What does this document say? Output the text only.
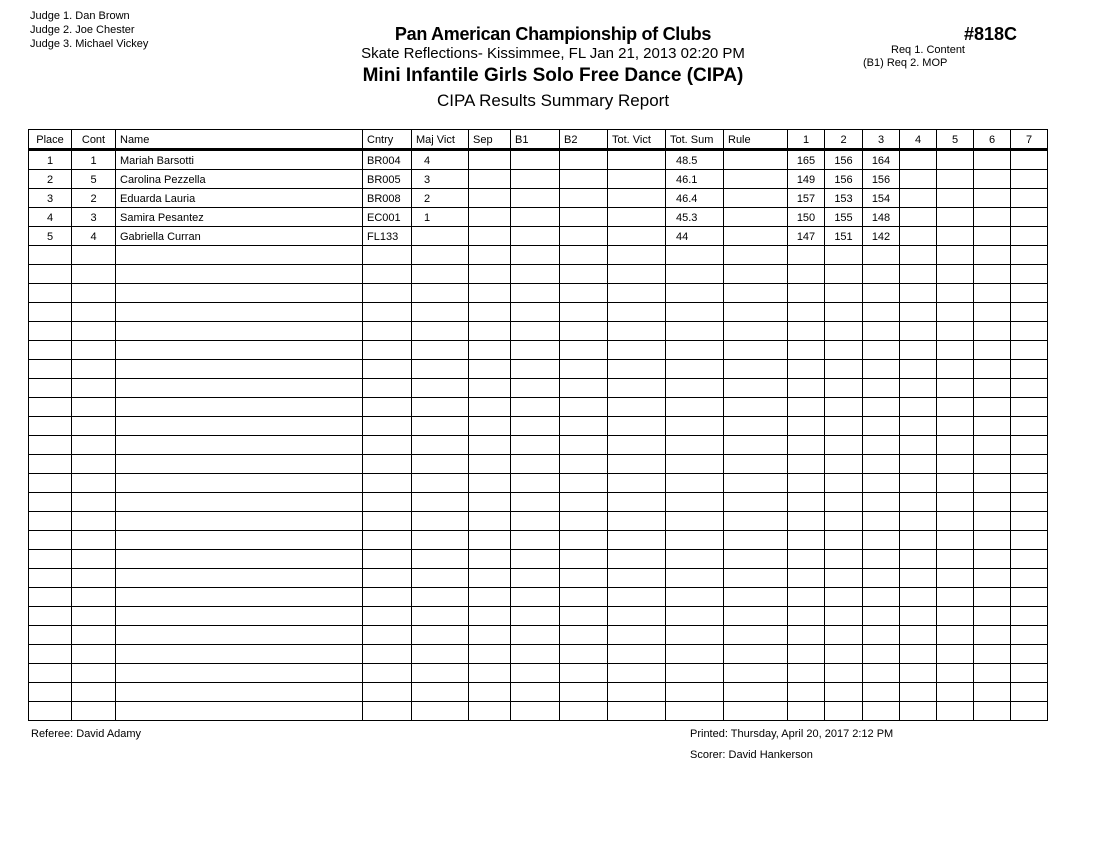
Judge 1. Dan Brown
Judge 2. Joe Chester
Judge 3. Michael Vickey	Pan American Championship of Clubs
Skate Reflections- Kissimmee, FL Jan 21, 2013 02:20 PM
Mini Infantile Girls Solo Free Dance (CIPA)
CIPA Results Summary Report
#818C
Req 1. Content
(B1) Req 2. MOP
Place	Cont	Name	Cntry	Maj Vict	Sep	B1	B2	Tot. Vict	Tot. Sum	Rule	1	2	3	4	5	6	7
1	1	Mariah Barsotti	BR004	4					48.5		165	156	164				
2	5	Carolina Pezzella	BR005	3					46.1		149	156	156				
3	2	Eduarda Lauria	BR008	2					46.4		157	153	154				
4	3	Samira Pesantez	EC001	1					45.3		150	155	148				
5	4	Gabriella Curran	FL133						44		147	151	142				

Referee: David Adamy	Printed: Thursday, April 20, 2017 2:12 PM
Scorer: David Hankerson
